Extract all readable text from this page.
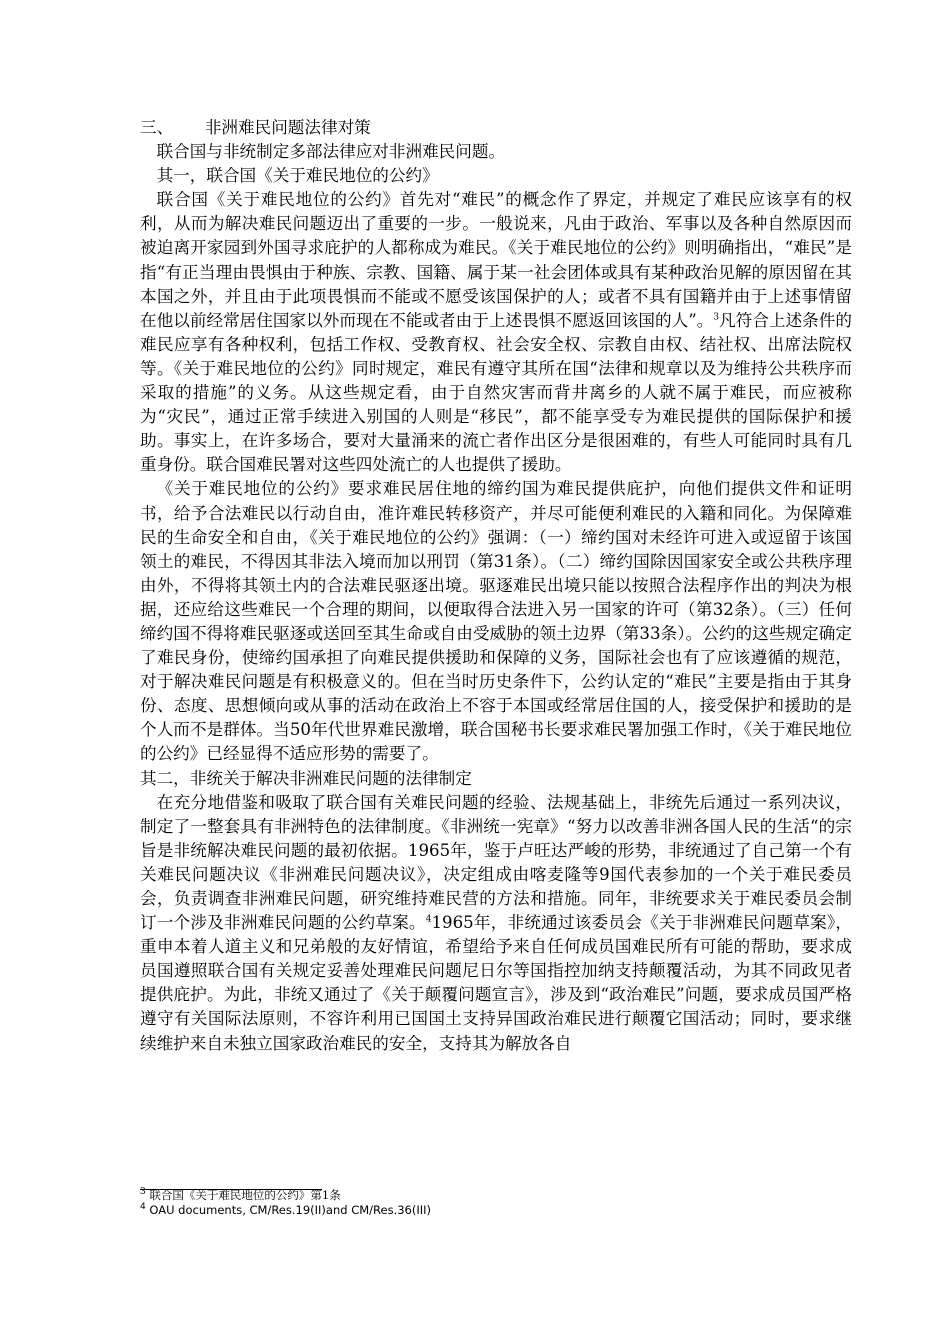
三、 非洲难民问题法律对策

联合国与非统制定多部法律应对非洲难民问题。

其一，联合国《关于难民地位的公约》

联合国《关于难民地位的公约》首先对“难民”的概念作了界定，并规定了难民应该享有的权利，从而为解决难民问题迈出了重要的一步。一般说来，凡由于政治、军事以及各种自然原因而被迫离开家园到外国寻求庇护的人都称成为难民。《关于难民地位的公约》则明确指出，“难民”是指“有正当理由畏惧由于种族、宗教、国籍、属于某一社会团体或具有某种政治见解的原因留在其本国之外，并且由于此项畏惧而不能或不愿受该国保护的人；或者不具有国籍并由于上述事情留在他以前经常居住国家以外而现在不能或者由于上述畏惧不愿返回该国的人”。$^3$凡符合上述条件的难民应享有各种权利，包括工作权、受教育权、社会安全权、宗教自由权、结社权、出席法院权等。《关于难民地位的公约》同时规定，难民有遵守其所在国“法律和规章以及为维持公共秩序而采取的措施”的义务。从这些规定看，由于自然灾害而背井离乡的人就不属于难民，而应被称为“灾民”，通过正常手续进入别国的人则是“移民”，都不能享受专为难民提供的国际保护和援助。事实上，在许多场合，要对大量涌来的流亡者作出区分是很困难的，有些人可能同时具有几重身份。联合国难民署对这些四处流亡的人也提供了援助。

《关于难民地位的公约》要求难民居住地的缔约国为难民提供庇护，向他们提供文件和证明书，给予合法难民以行动自由，准许难民转移资产，并尽可能便利难民的入籍和同化。为保障难民的生命安全和自由，《关于难民地位的公约》强调：（一）缔约国对未经许可进入或逗留于该国领土的难民，不得因其非法入境而加以刑罚（第31条）。（二）缔约国除因国家安全或公共秩序理由外，不得将其领土内的合法难民驱逐出境。驱逐难民出境只能以按照合法程序作出的判决为根据，还应给这些难民一个合理的期间，以便取得合法进入另一国家的许可（第32条）。（三）任何缔约国不得将难民驱逐或送回至其生命或自由受威胁的领土边界（第33条）。公约的这些规定确定了难民身份，使缔约国承担了向难民提供援助和保障的义务，国际社会也有了应该遵循的规范，对于解决难民问题是有积极意义的。但在当时历史条件下，公约认定的“难民”主要是指由于其身份、态度、思想倾向或从事的活动在政治上不容于本国或经常居住国的人，接受保护和援助的是个人而不是群体。当50年代世界难民激增，联合国秘书长要求难民署加强工作时，《关于难民地位的公约》已经显得不适应形势的需要了。

其二，非统关于解决非洲难民问题的法律制定

在充分地借鉴和吸取了联合国有关难民问题的经验、法规基础上，非统先后通过一系列决议，制定了一整套具有非洲特色的法律制度。《非洲统一宪章》“努力以改善非洲各国人民的生活“的宗旨是非统解决难民问题的最初依据。1965年，鉴于卢旺达严峻的形势，非统通过了自己第一个有关难民问题决议《非洲难民问题决议》，决定组成由喀麦隆等9国代表参加的一个关于难民委员会，负责调查非洲难民问题，研究维持难民营的方法和措施。同年，非统要求关于难民委员会制订一个涉及非洲难民问题的公约草案。$^4$1965年，非统通过该委员会《关于非洲难民问题草案》，重申本着人道主义和兄弟般的友好情谊，希望给予来自任何成员国难民所有可能的帮助，要求成员国遵照联合国有关规定妥善处理难民问题尼日尔等国指控加纳支持颠覆活动，为其不同政见者提供庇护。为此，非统又通过了《关于颠覆问题宣言》，涉及到“政治难民”问题，要求成员国严格遵守有关国际法原则，不容许利用已国国土支持异国政治难民进行颠覆它国活动；同时，要求继续维护来自未独立国家政治难民的安全，支持其为解放各自

$^3$ 联合国《关于难民地位的公约》第1条

$^4$ OAU documents, CM/Res.19(II)and CM/Res.36(III)
